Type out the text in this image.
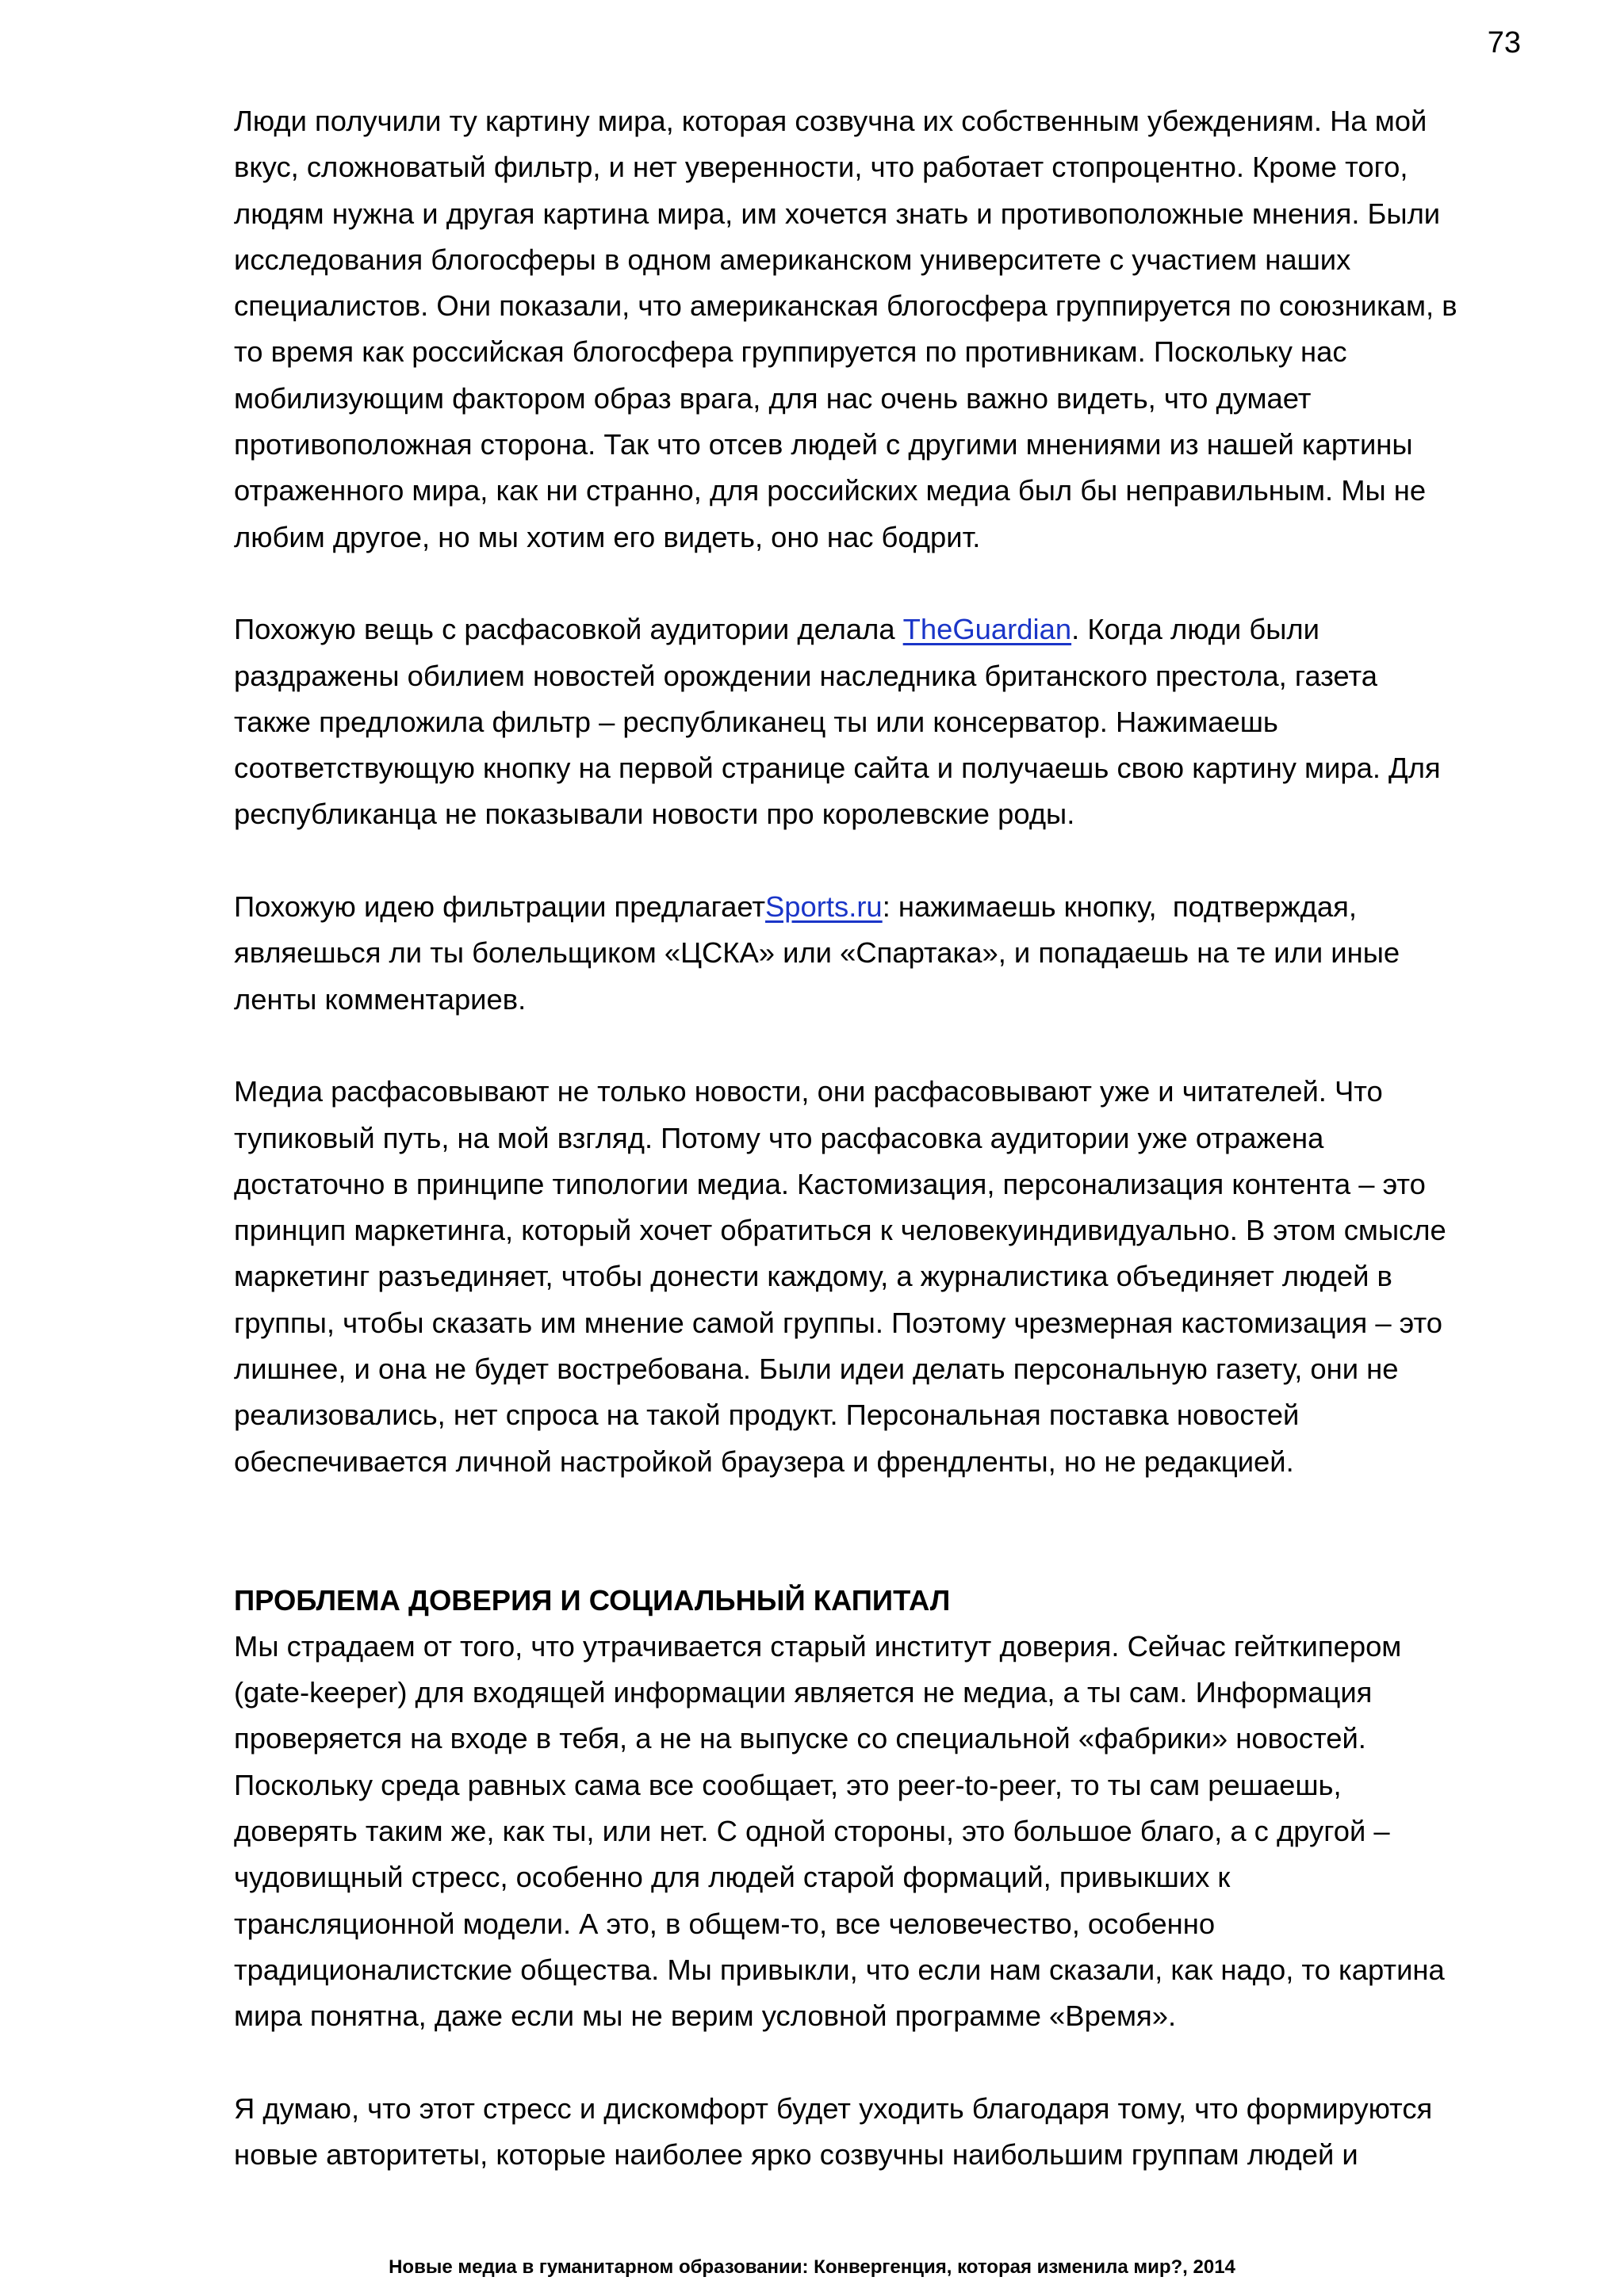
73
Люди получили ту картину мира, которая созвучна их собственным убеждениям. На мой
вкус, сложноватый фильтр, и нет уверенности, что работает стопроцентно. Кроме того,
людям нужна и другая картина мира, им хочется знать и противоположные мнения. Были
исследования блогосферы в одном американском университете с участием наших
специалистов. Они показали, что американская блогосфера группируется по союзникам, в
то время как российская блогосфера группируется по противникам. Поскольку нас
мобилизующим фактором образ врага, для нас очень важно видеть, что думает
противоположная сторона. Так что отсев людей с другими мнениями из нашей картины
отраженного мира, как ни странно, для российских медиа был бы неправильным. Мы не
любим другое, но мы хотим его видеть, оно нас бодрит.
Похожую вещь с расфасовкой аудитории делала TheGuardian. Когда люди были
раздражены обилием новостей орождении наследника британского престола, газета
также предложила фильтр – республиканец ты или консерватор. Нажимаешь
соответствующую кнопку на первой странице сайта и получаешь свою картину мира. Для
республиканца не показывали новости про королевские роды.
Похожую идею фильтрации предлагаетSports.ru: нажимаешь кнопку,  подтверждая,
являешься ли ты болельщиком «ЦСКА» или «Спартака», и попадаешь на те или иные
ленты комментариев.
Медиа расфасовывают не только новости, они расфасовывают уже и читателей. Что
тупиковый путь, на мой взгляд. Потому что расфасовка аудитории уже отражена
достаточно в принципе типологии медиа. Кастомизация, персонализация контента – это
принцип маркетинга, который хочет обратиться к человекуиндивидуально. В этом смысле
маркетинг разъединяет, чтобы донести каждому, а журналистика объединяет людей в
группы, чтобы сказать им мнение самой группы. Поэтому чрезмерная кастомизация – это
лишнее, и она не будет востребована. Были идеи делать персональную газету, они не
реализовались, нет спроса на такой продукт. Персональная поставка новостей
обеспечивается личной настройкой браузера и френдленты, но не редакцией.
ПРОБЛЕМА ДОВЕРИЯ И СОЦИАЛЬНЫЙ КАПИТАЛ
Мы страдаем от того, что утрачивается старый институт доверия. Сейчас гейткипером
(gate-keeper) для входящей информации является не медиа, а ты сам. Информация
проверяется на входе в тебя, а не на выпуске со специальной «фабрики» новостей.
Поскольку среда равных сама все сообщает, это peer-to-peer, то ты сам решаешь,
доверять таким же, как ты, или нет. С одной стороны, это большое благо, а с другой –
чудовищный стресс, особенно для людей старой формаций, привыкших к
трансляционной модели. А это, в общем-то, все человечество, особенно
традиционалистские общества. Мы привыкли, что если нам сказали, как надо, то картина
мира понятна, даже если мы не верим условной программе «Время».
Я думаю, что этот стресс и дискомфорт будет уходить благодаря тому, что формируются
новые авторитеты, которые наиболее ярко созвучны наибольшим группам людей и
Новые медиа в гуманитарном образовании: Конвергенция, которая изменила мир?, 2014
